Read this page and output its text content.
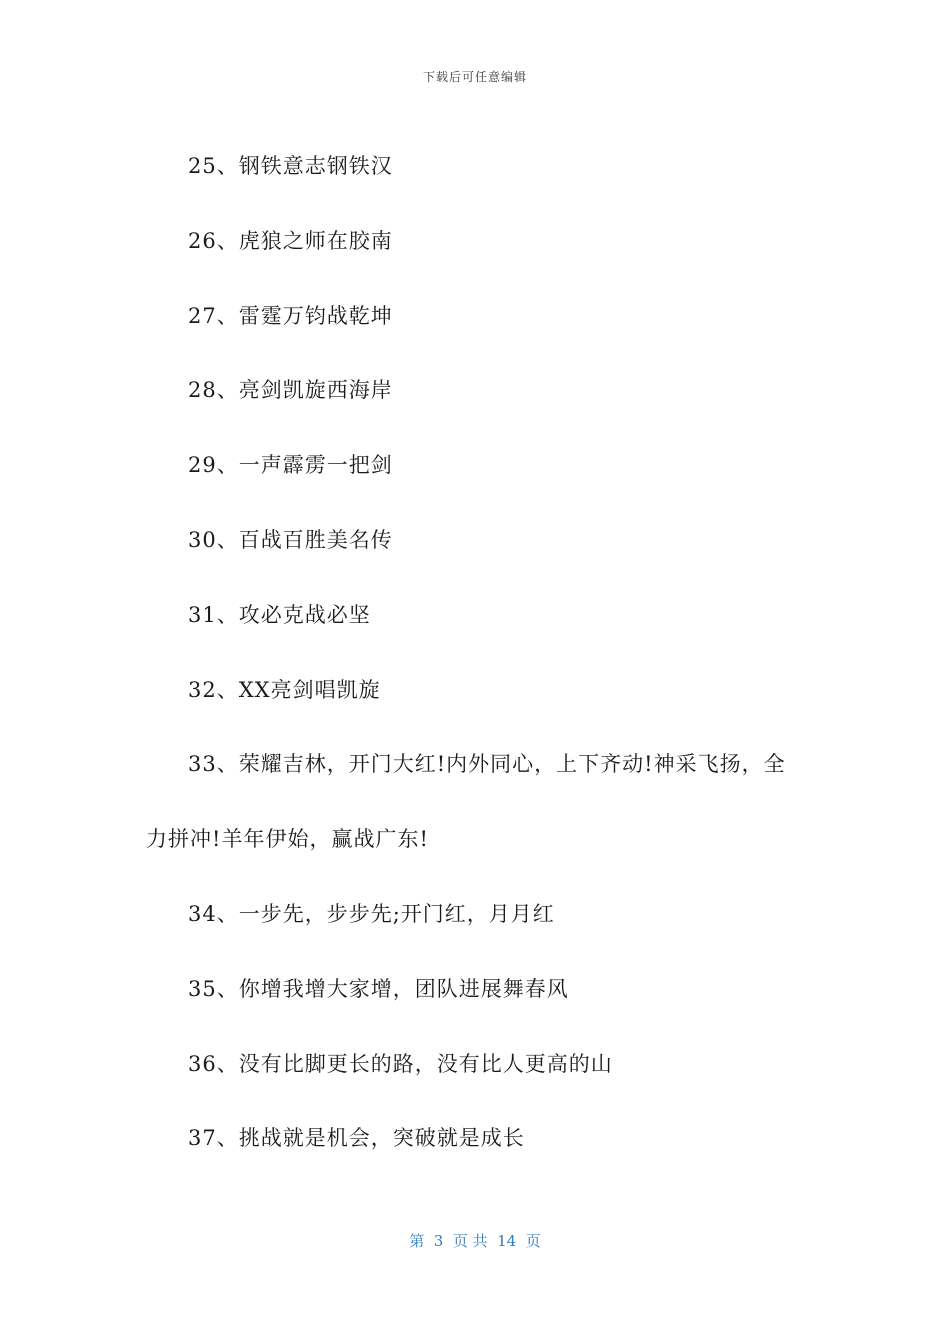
下载后可任意编辑
25、钢铁意志钢铁汉
26、虎狼之师在胶南
27、雷霆万钧战乾坤
28、亮剑凯旋西海岸
29、一声霹雳一把剑
30、百战百胜美名传
31、攻必克战必坚
32、XX亮剑唱凯旋
33、荣耀吉林，开门大红!内外同心，上下齐动!神采飞扬，全
力拼冲!羊年伊始，赢战广东!
34、一步先，步步先;开门红，月月红
35、你增我增大家增，团队进展舞春风
36、没有比脚更长的路，没有比人更高的山
37、挑战就是机会，突破就是成长
第  3  页 共  14  页
